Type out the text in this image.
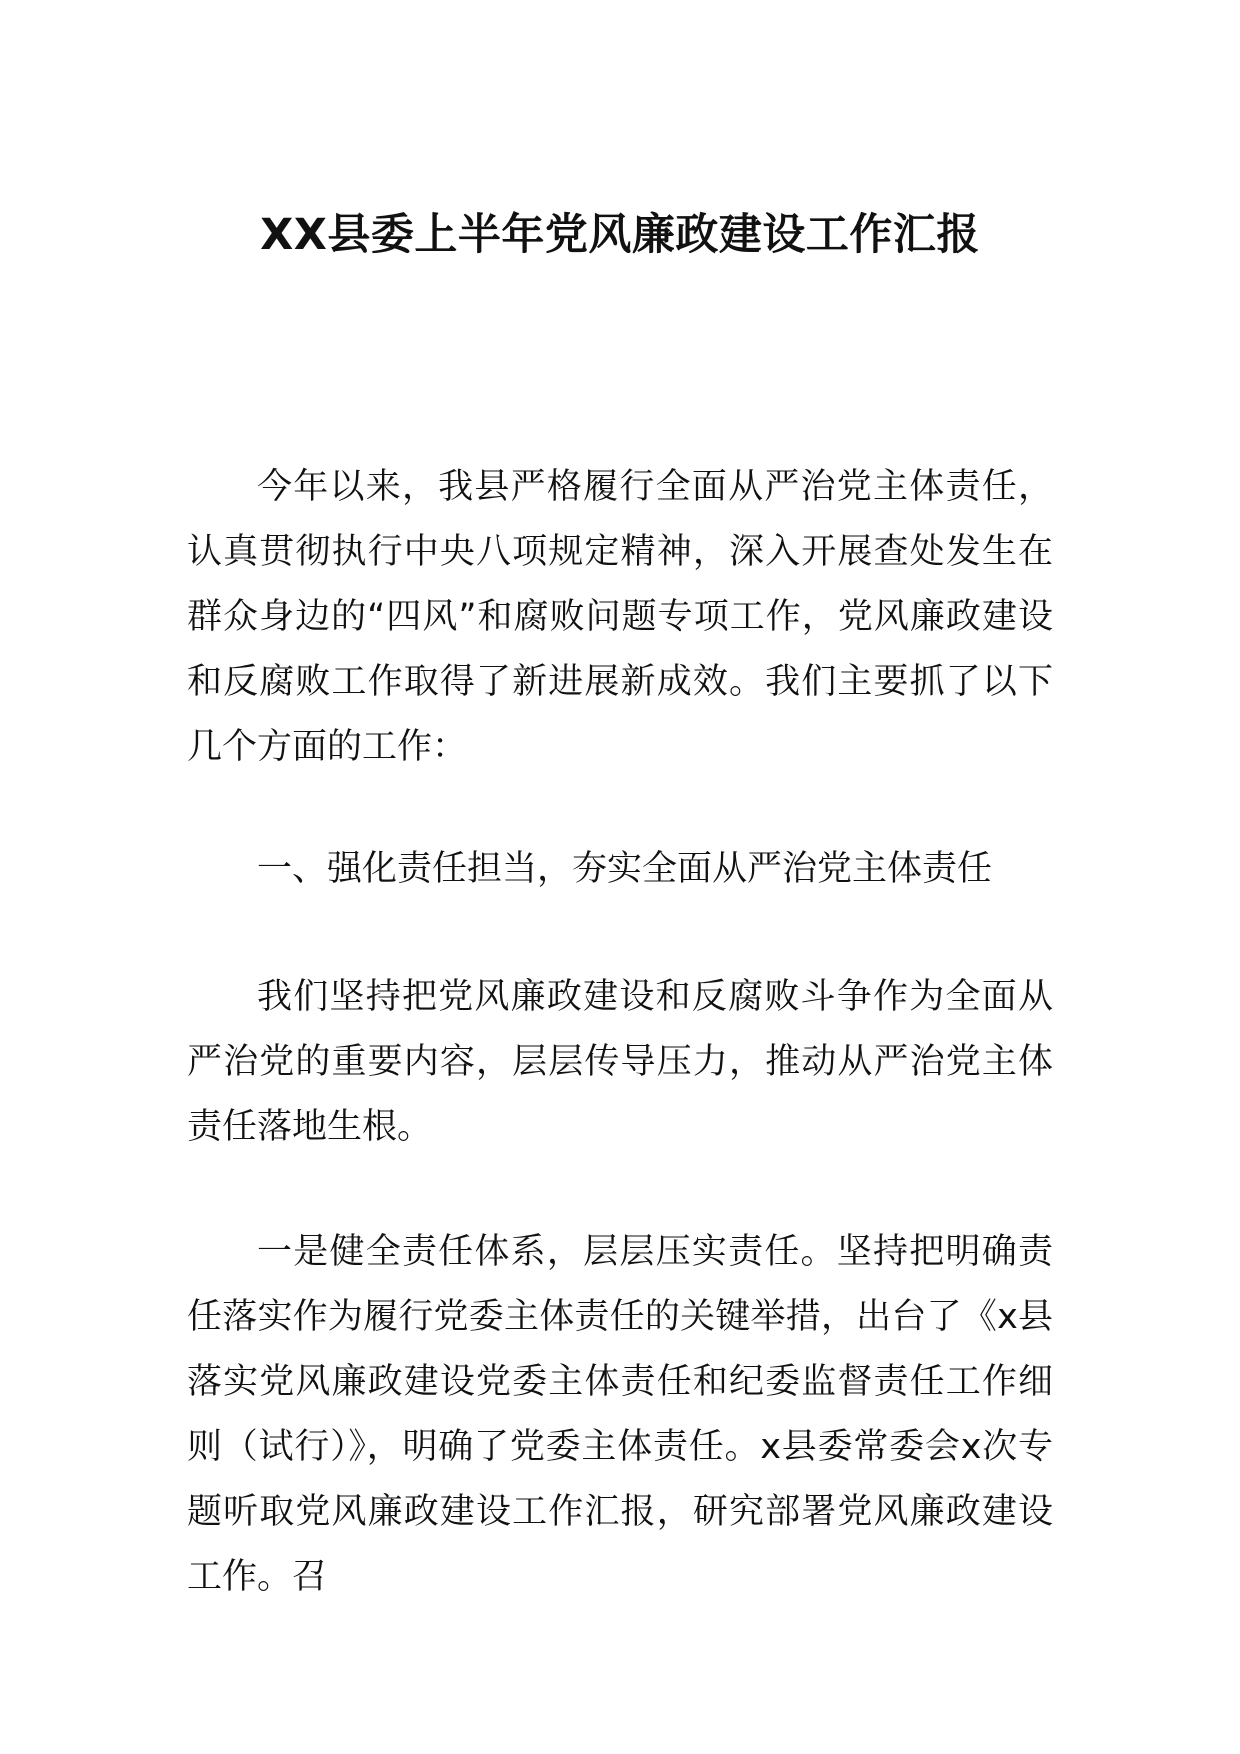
XX县委上半年党风廉政建设工作汇报

今年以来，我县严格履行全面从严治党主体责任，认真贯彻执行中央八项规定精神，深入开展查处发生在群众身边的“四风”和腐败问题专项工作，党风廉政建设和反腐败工作取得了新进展新成效。我们主要抓了以下几个方面的工作：

一、强化责任担当，夯实全面从严治党主体责任

我们坚持把党风廉政建设和反腐败斗争作为全面从严治党的重要内容，层层传导压力，推动从严治党主体责任落地生根。

一是健全责任体系，层层压实责任。坚持把明确责任落实作为履行党委主体责任的关键举措，出台了《x县落实党风廉政建设党委主体责任和纪委监督责任工作细则（试行）》，明确了党委主体责任。x县委常委会x次专题听取党风廉政建设工作汇报，研究部署党风廉政建设工作。召
